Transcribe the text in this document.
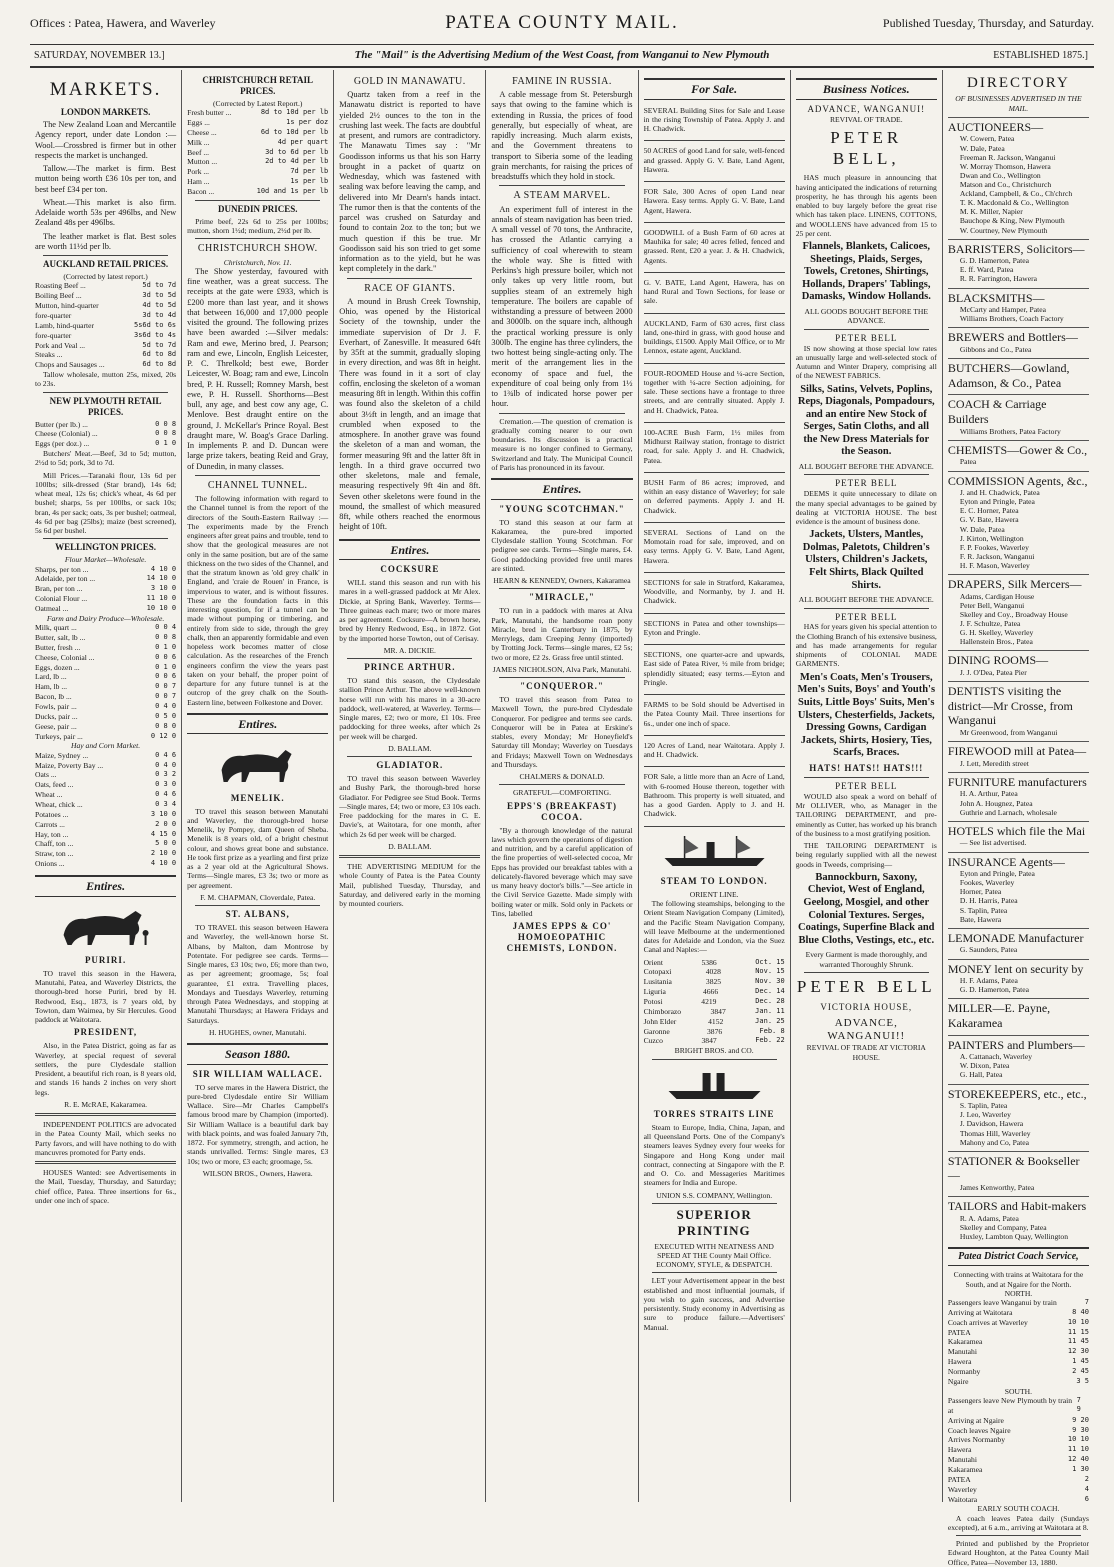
Offices : Patea, Hawera, and Waverley	PATEA COUNTY MAIL.	Published Tuesday, Thursday, and Saturday.
SATURDAY, NOVEMBER 13.]	The "Mail" is the Advertising Medium of the West Coast, from Wanganui to New Plymouth	ESTABLISHED 1875.]
MARKETS.
LONDON MARKETS.

The New Zealand Loan and Mercantile Agency report, under date London :— Wool.—Crossbred is firmer but in other respects the market is unchanged.

Tallow.—The market is firm. Best mutton being worth £36 10s per ton, and best beef £34 per ton.

Wheat.—This market is also firm. Adelaide worth 53s per 496lbs, and New Zealand 48s per 496lbs.

The leather market is flat. Best soles are worth 11½d per lb.

AUCKLAND RETAIL PRICES.
(Corrected by latest report.)
Roasting Beef ...	5d to 7d
Boiling Beef ...	3d to 5d
Mutton, hind-quarter	4d to 5d
fore-quarter	3d to 4d
Lamb, hind-quarter	5s6d to 6s
fore-quarter	3s6d to 4s
Pork and Veal ...	5d to 7d
Steaks ...	6d to 8d
Chops and Sausages ...	6d to 8d

Tallow wholesale, mutton 25s, mixed, 20s to 23s.

NEW PLYMOUTH RETAIL PRICES.
Butter (per lb.) ...	0 0 8
Cheese (Colonial) ...	0 0 8
Eggs (per doz.) ...	0 1 0

Butchers' Meat.—Beef, 3d to 5d; mutton, 2½d to 5d; pork, 3d to 7d.

Mill Prices.—Taranaki flour, 13s 6d per 100lbs; silk-dressed (Star brand), 14s 6d; wheat meal, 12s 6s; chick's wheat, 4s 6d per bushel; sharps, 5s per 100lbs, or sack 10s; bran, 4s per sack; oats, 3s per bushel; oatmeal, 4s 6d per bag (25lbs); maize (best screened), 5s 6d per bushel.

WELLINGTON PRICES.
Flour Market—Wholesale.
Sharps, per ton ...	4 10 0
Adelaide, per ton ...	14 10 0
Bran, per ton ...	3 10 0
Colonial Flour ...	11 10 0
Oatmeal ...	10 10 0
Farm and Dairy Produce—Wholesale.
Milk, quart ...	0 0 4
Butter, salt, lb ...	0 0 8
Butter, fresh ...	0 1 0
Cheese, Colonial ...	0 0 6
Eggs, dozen ...	0 1 0
Lard, lb ...	0 0 6
Ham, lb ...	0 0 7
Bacon, lb ...	0 0 7
Fowls, pair ...	0 4 0
Ducks, pair ...	0 5 0
Geese, pair ...	0 8 0
Turkeys, pair ...	0 12 0
Hay and Corn Market.
Maize, Sydney ...	0 4 6
Maize, Poverty Bay ...	0 4 0
Oats ...	0 3 2
Oats, feed ...	0 3 0
Wheat ...	0 4 6
Wheat, chick ...	0 3 4
Potatoes ...	3 10 0
Carrots ...	2 0 0
Hay, ton ...	4 15 0
Chaff, ton ...	5 0 0
Straw, ton ...	2 10 0
Onions ...	4 10 0
Entires.
PURIRI.

TO travel this season in the Hawera, Manutahi, Patea, and Waverley Districts, the thorough-bred horse Puriri, bred by H. Redwood, Esq., 1873, is 7 years old, by Towton, dam Waimea, by Sir Hercules. Good paddock at Waitotara.

PRESIDENT,

Also, in the Patea District, going as far as Waverley, at special request of several settlers, the pure Clydesdale stallion President, a beautiful rich roan, is 8 years old, and stands 16 hands 2 inches on very short legs.

R. E. McRAE, Kakaramea.

INDEPENDENT POLITICS are advocated in the Patea County Mail, which seeks no Party favors, and will have nothing to do with mancuvres promoted for Party ends.

HOUSES Wanted: see Advertisements in the Mail, Tuesday, Thursday, and Saturday; chief office, Patea. Three insertions for 6s., under one inch of space.

CHRISTCHURCH RETAIL PRICES.
(Corrected by Latest Report.)
Fresh butter ...	8d to 10d per lb
Eggs ...	1s per doz
Cheese ...	6d to 10d per lb
Milk ...	4d per quart
Beef ...	3d to 6d per lb
Mutton ...	2d to 4d per lb
Pork ...	7d per lb
Ham ...	1s per lb
Bacon ...	10d and 1s per lb
DUNEDIN PRICES.

Prime beef, 22s 6d to 25s per 100lbs; mutton, shorn 1½d; medium, 2½d per lb.

CHRISTCHURCH SHOW.
Christchurch, Nov. 11.

The Show yesterday, favoured with fine weather, was a great success. The receipts at the gate were £933, which is £200 more than last year, and it shows that between 16,000 and 17,000 people visited the ground. The following prizes have been awarded :—Silver medals: Ram and ewe, Merino bred, J. Pearson; ram and ewe, Lincoln, English Leicester, P. C. Threlkold; best ewe, Border Leicester, W. Boag; ram and ewe, Lincoln bred, P. H. Russell; Romney Marsh, best ewe, P. H. Russell. Shorthorns—Best bull, any age, and best cow any age, C. Menlove. Best draught entire on the ground, J. McKellar's Prince Royal. Best draught mare, W. Boag's Grace Darling. In implements P. and D. Duncan were large prize takers, beating Reid and Gray, of Dunedin, in many classes.

CHANNEL TUNNEL.

The following information with regard to the Channel tunnel is from the report of the directors of the South-Eastern Railway :—The experiments made by the French engineers after great pains and trouble, tend to show that the geological measures are not only in the same position, but are of the same thickness on the two sides of the Channel, and that the stratum known as 'old grey chalk' in England, and 'craie de Rouen' in France, is impervious to water, and is without fissures. These are the foundation facts in this interesting question, for if a tunnel can be made without pumping or timbering, and entirely from side to side, through the grey chalk, then an apparently formidable and even hopeless work becomes matter of close calculation. As the researches of the French engineers confirm the view the years past taken on your behalf, the proper point of departure for any future tunnel is at the outcrop of the grey chalk on the South-Eastern line, between Folkestone and Dover.

Entires.
MENELIK.

TO travel this season between Manutahi and Waverley, the thorough-bred horse Menelik, by Pompey, dam Queen of Sheba. Menelik is 8 years old, of a bright chestnut colour, and shows great bone and substance. He took first prize as a yearling and first prize as a 2 year old at the Agricultural Shows. Terms—Single mares, £3 3s; two or more as per agreement.

F. M. CHAPMAN, Cloverdale, Patea.
ST. ALBANS,

TO TRAVEL this season between Hawera and Waverley, the well-known horse St. Albans, by Malton, dam Montrose by Potentate. For pedigree see cards. Terms—Single mares, £3 10s; two, £6; more than two, as per agreement; groomage, 5s; foal guarantee, £1 extra. Travelling places, Mondays and Tuesdays Waverley, returning through Patea Wednesdays, and stopping at Manutahi Thursdays; at Hawera Fridays and Saturdays.

H. HUGHES, owner, Manutahi.
Season 1880.
SIR WILLIAM WALLACE.

TO serve mares in the Hawera District, the pure-bred Clydesdale entire Sir William Wallace. Sire—Mr Charles Campbell's famous brood mare by Champion (imported). Sir William Wallace is a beautiful dark bay with black points, and was foaled January 7th, 1872. For symmetry, strength, and action, he stands unrivalled. Terms: Single mares, £3 10s; two or more, £3 each; groomage, 5s.

WILSON BROS., Owners, Hawera.
GOLD IN MANAWATU.

Quartz taken from a reef in the Manawatu district is reported to have yielded 2½ ounces to the ton in the crushing last week. The facts are doubtful at present, and rumors are contradictory. The Manawatu Times say : "Mr Goodisson informs us that his son Harry brought in a packet of quartz on Wednesday, which was fastened with sealing wax before leaving the camp, and delivered into Mr Dearn's hands intact. The rumor then is that the contents of the parcel was crushed on Saturday and found to contain 2oz to the ton; but we much question if this be true. Mr Goodisson said his son tried to get some information as to the yield, but he was kept completely in the dark."

RACE OF GIANTS.

A mound in Brush Creek Township, Ohio, was opened by the Historical Society of the township, under the immediate supervision of Dr J. F. Everhart, of Zanesville. It measured 64ft by 35ft at the summit, gradually sloping in every direction, and was 8ft in height. There was found in it a sort of clay coffin, enclosing the skeleton of a woman measuring 8ft in length. Within this coffin was found also the skeleton of a child about 3½ft in length, and an image that crumbled when exposed to the atmosphere. In another grave was found the skeleton of a man and woman, the former measuring 9ft and the latter 8ft in length. In a third grave occurred two other skeletons, male and female, measuring respectively 9ft 4in and 8ft. Seven other skeletons were found in the mound, the smallest of which measured 8ft, while others reached the enormous height of 10ft.

Entires.
COCKSURE

WILL stand this season and run with his mares in a well-grassed paddock at Mr Alex. Dickie, at Spring Bank, Waverley. Terms—Three guineas each mare; two or more mares as per agreement. Cocksure—A brown horse, bred by Henry Redwood, Esq., in 1872. Got by the imported horse Towton, out of Cerisay.

MR. A. DICKIE.
PRINCE ARTHUR.

TO stand this season, the Clydesdale stallion Prince Arthur. The above well-known horse will run with his mares in a 30-acre paddock, well-watered, at Waverley. Terms—Single mares, £2; two or more, £1 10s. Free paddocking for three weeks, after which 2s per week will be charged.

D. BALLAM.
GLADIATOR.

TO travel this season between Waverley and Bushy Park, the thorough-bred horse Gladiator. For Pedigree see Stud Book. Terms—Single mares, £4; two or more, £3 10s each. Free paddocking for the mares in C. E. Davie's, at Waitotara, for one month, after which 2s 6d per week will be charged.

D. BALLAM.

THE ADVERTISING MEDIUM for the whole County of Patea is the Patea County Mail, published Tuesday, Thursday, and Saturday, and delivered early in the morning by mounted couriers.

FAMINE IN RUSSIA.

A cable message from St. Petersburgh says that owing to the famine which is extending in Russia, the prices of food generally, but especially of wheat, are rapidly increasing. Much alarm exists, and the Government threatens to transport to Siberia some of the leading grain merchants, for raising the prices of breadstuffs which they hold in stock.

A STEAM MARVEL.

An experiment full of interest in the annals of steam navigation has been tried. A small vessel of 70 tons, the Anthracite, has crossed the Atlantic carrying a sufficiency of coal wherewith to steam the whole way. She is fitted with Perkins's high pressure boiler, which not only takes up very little room, but supplies steam of an extremely high temperature. The boilers are capable of withstanding a pressure of between 2000 and 3000lb. on the square inch, although the practical working pressure is only 300lb. The engine has three cylinders, the two hottest being single-acting only. The merit of the arrangement lies in the economy of space and fuel, the expenditure of coal being only from 1½ to 1¾lb of indicated horse power per hour.

Cremation.—The question of cremation is gradually coming nearer to our own boundaries. Its discussion is a practical measure is no longer confined to Germany, Switzerland and Italy. The Municipal Council of Paris has pronounced in its favour.

Entires.
"YOUNG SCOTCHMAN."

TO stand this season at our farm at Kakaramea, the pure-bred imported Clydesdale stallion Young Scotchman. For pedigree see cards. Terms—Single mares, £4. Good paddocking provided free until mares are stinted.

HEARN & KENNEDY, Owners, Kakaramea
"MIRACLE,"

TO run in a paddock with mares at Alva Park, Manutahi, the handsome roan pony Miracle, bred in Canterbury in 1875, by Merrylegs, dam Creeping Jenny (imported) by Trotting Jock. Terms—single mares, £2 5s; two or more, £2 2s. Grass free until stinted.

JAMES NICHOLSON, Alva Park, Manutahi.
"CONQUEROR."

TO travel this season from Patea to Maxwell Town, the pure-bred Clydesdale Conqueror. For pedigree and terms see cards. Conqueror will be in Patea at Erskine's stables, every Monday; Mr Honeyfield's Saturday till Monday; Waverley on Tuesdays and Fridays; Maxwell Town on Wednesdays and Thursdays.

CHALMERS & DONALD.
GRATEFUL—COMFORTING.
EPPS'S (BREAKFAST) COCOA.

"By a thorough knowledge of the natural laws which govern the operations of digestion and nutrition, and by a careful application of the fine properties of well-selected cocoa, Mr Epps has provided our breakfast tables with a delicately-flavored beverage which may save us many heavy doctor's bills."—See article in the Civil Service Gazette. Made simply with boiling water or milk. Sold only in Packets or Tins, labelled

JAMES EPPS & CO' HOMOEOPATHIC CHEMISTS, LONDON.
For Sale.

SEVERAL Building Sites for Sale and Lease in the rising Township of Patea. Apply J. and H. Chadwick.

50 ACRES of good Land for sale, well-fenced and grassed. Apply G. V. Bate, Land Agent, Hawera.

FOR Sale, 300 Acres of open Land near Hawera. Easy terms. Apply G. V. Bate, Land Agent, Hawera.

GOODWILL of a Bush Farm of 60 acres at Mauhika for sale; 40 acres felled, fenced and grassed. Rent, £20 a year. J. & H. Chadwick, Agents.

G. V. BATE, Land Agent, Hawera, has on hand Rural and Town Sections, for lease or sale.

AUCKLAND, Farm of 630 acres, first class land, one-third in grass, with good house and buildings, £1500. Apply Mail Office, or to Mr Lennox, estate agent, Auckland.

FOUR-ROOMED House and ¼-acre Section, together with ¼-acre Section adjoining, for sale. These sections have a frontage to three streets, and are centrally situated. Apply J. and H. Chadwick, Patea.

100-ACRE Bush Farm, 1½ miles from Midhurst Railway station, frontage to district road, for sale. Apply J. and H. Chadwick, Patea.

BUSH Farm of 86 acres; improved, and within an easy distance of Waverley; for sale on deferred payments. Apply J. and H. Chadwick.

SEVERAL Sections of Land on the Momotain road for sale, improved, and on easy terms. Apply G. V. Bate, Land Agent, Hawera.

SECTIONS for sale in Stratford, Kakaramea, Woodville, and Normanby, by J. and H. Chadwick.

SECTIONS in Patea and other townships—Eyton and Pringle.

SECTIONS, one quarter-acre and upwards, East side of Patea River, ½ mile from bridge; splendidly situated; easy terms.—Eyton and Pringle.

FARMS to be Sold should be Advertised in the Patea County Mail. Three insertions for 6s., under one inch of space.

120 Acres of Land, near Waitotara. Apply J. and H. Chadwick.

FOR Sale, a little more than an Acre of Land, with 6-roomed House thereon, together with Bathroom. This property is well situated, and has a good Garden. Apply to J. and H. Chadwick.

STEAM TO LONDON.
ORIENT LINE.

The following steamships, belonging to the Orient Steam Navigation Company (Limited), and the Pacific Steam Navigation Company, will leave Melbourne at the undermentioned dates for Adelaide and London, via the Suez Canal and Naples:—

Orient	5386	Oct. 15
Cotopaxi	4028	Nov. 15
Lusitania	3825	Nov. 30
Liguria	4666	Dec. 14
Potosi	4219	Dec. 28
Chimborazo	3847	Jan. 11
John Elder	4152	Jan. 25
Garonne	3876	Feb. 8
Cuzco	3847	Feb. 22
BRIGHT BROS. and CO.
TORRES STRAITS LINE

Steam to Europe, India, China, Japan, and all Queensland Ports. One of the Company's steamers leaves Sydney every four weeks for Singapore and Hong Kong under mail contract, connecting at Singapore with the P. and O. Co. and Messageries Maritimes steamers for India and Europe.

UNION S.S. COMPANY, Wellington.
SUPERIOR PRINTING
EXECUTED WITH NEATNESS AND SPEED AT THE County Mail Office. ECONOMY, STYLE, & DESPATCH.

LET your Advertisement appear in the best established and most influential journals, if you wish to gain success, and Advertise persistently. Study economy in Advertising as sure to produce failure.—Advertisers' Manual.

Business Notices.
ADVANCE, WANGANUI!
REVIVAL OF TRADE.
PETER BELL,

HAS much pleasure in announcing that having anticipated the indications of returning prosperity, he has through his agents been enabled to buy largely before the great rise which has taken place. LINENS, COTTONS, and WOOLLENS have advanced from 15 to 25 per cent.

Flannels, Blankets, Calicoes, Sheetings, Plaids, Serges, Towels, Cretones, Shirtings, Hollands, Drapers' Tablings, Damasks, Window Hollands.
ALL GOODS BOUGHT BEFORE THE ADVANCE.
PETER BELL

IS now showing at those special low rates an unusually large and well-selected stock of Autumn and Winter Drapery, comprising all of the NEWEST FABRICS.

Silks, Satins, Velvets, Poplins, Reps, Diagonals, Pompadours, and an entire New Stock of Serges, Satin Cloths, and all the New Dress Materials for the Season.
ALL BOUGHT BEFORE THE ADVANCE.
PETER BELL

DEEMS it quite unnecessary to dilate on the many special advantages to be gained by dealing at VICTORIA HOUSE. The best evidence is the amount of business done.

Jackets, Ulsters, Mantles, Dolmas, Paletots, Children's Ulsters, Children's Jackets, Felt Shirts, Black Quilted Shirts.
ALL BOUGHT BEFORE THE ADVANCE.
PETER BELL

HAS for years given his special attention to the Clothing Branch of his extensive business, and has made arrangements for regular shipments of COLONIAL MADE GARMENTS.

Men's Coats, Men's Trousers, Men's Suits, Boys' and Youth's Suits, Little Boys' Suits, Men's Ulsters, Chesterfields, Jackets, Dressing Gowns, Cardigan Jackets, Shirts, Hosiery, Ties, Scarfs, Braces.
HATS! HATS!! HATS!!!
PETER BELL

WOULD also speak a word on behalf of Mr OLLIVER, who, as Manager in the TAILORING DEPARTMENT, and pre-eminently as Cutter, has worked up his branch of the business to a most gratifying position.

THE TAILORING DEPARTMENT is being regularly supplied with all the newest goods in Tweeds, comprising—

Bannockburn, Saxony, Cheviot, West of England, Geelong, Mosgiel, and other Colonial Textures. Serges, Coatings, Superfine Black and Blue Cloths, Vestings, etc., etc.
Every Garment is made thoroughly, and warranted Thoroughly Shrunk.
PETER BELL
VICTORIA HOUSE,
ADVANCE, WANGANUI!!
REVIVAL OF TRADE AT VICTORIA HOUSE.
DIRECTORY
OF BUSINESSES ADVERTISED IN THE MAIL.
AUCTIONEERS—
W. Cowern, Patea
W. Dale, Patea
Freeman R. Jackson, Wanganui
W. Morray Thomson, Hawera
Dwan and Co., Wellington
Matson and Co., Christchurch
Ackland, Campbell, & Co., Ch'chrch
T. K. Macdonald & Co., Wellington
M. K. Miller, Napier
Bauchope & King, New Plymouth
W. Courtney, New Plymouth
BARRISTERS, Solicitors—
G. D. Hamerton, Patea
E. ff. Ward, Patea
R. R. Farrington, Hawera
BLACKSMITHS—
McCarty and Hamper, Patea
Williams Brothers, Coach Factory
BREWERS and Bottlers—
Gibbons and Co., Patea
BUTCHERS—Gowland, Adamson, & Co., Patea
COACH & Carriage Builders
Williams Brothers, Patea Factory
CHEMISTS—Gower & Co.,
Patea
COMMISSION Agents, &c.,
J. and H. Chadwick, Patea
Eyton and Pringle, Patea
E. C. Horner, Patea
G. V. Bate, Hawera
W. Dale, Patea
J. Kirton, Wellington
F. P. Fookes, Waverley
F. R. Jackson, Wanganui
H. F. Mason, Waverley
DRAPERS, Silk Mercers—
Adams, Cardigan House
Peter Bell, Wanganui
Skelley and Coy., Broadway House
J. F. Schultze, Patea
G. H. Skelley, Waverley
Hallenstein Bros., Patea
DINING ROOMS—
J. J. O'Dea, Patea Pier
DENTISTS visiting the district—Mr Crosse, from Wanganui
Mr Greenwood, from Wanganui
FIREWOOD mill at Patea—
J. Lett, Meredith street
FURNITURE manufacturers
H. A. Arthur, Patea
John A. Hougnez, Patea
Guthrie and Larnach, wholesale
HOTELS which file the Mai
— See list advertised.
INSURANCE Agents—
Eyton and Pringle, Patea
Fookes, Waverley
Horner, Patea
D. H. Harris, Patea
S. Taplin, Patea
Bate, Hawera
LEMONADE Manufacturer
G. Saunders, Patea
MONEY lent on security by
H. F. Adams, Patea
G. D. Hamerton, Patea
MILLER—E. Payne, Kakaramea
PAINTERS and Plumbers—
A. Cattanach, Waverley
W. Dixon, Patea
G. Hall, Patea
STOREKEEPERS, etc., etc.,
S. Taplin, Patea
J. Leo, Waverley
J. Davidson, Hawera
Thomas Hill, Waverley
Mahony and Co, Patea
STATIONER & Bookseller—
James Kenworthy, Patea
TAILORS and Habit-makers
R. A. Adams, Patea
Skelley and Company, Patea
Huxley, Lambton Quay, Wellington
Patea District Coach Service,
Connecting with trains at Waitotara for the South, and at Ngaire for the North.
NORTH.
Passengers leave Wanganui by train	7
Arriving at Waitotara	8 40
Coach arrives at Waverley	10 10
PATEA	11 15
Kakaramea	11 45
Manutahi	12 30
Hawera	1 45
Normanby	2 45
Ngaire	3 5
SOUTH.
Passengers leave New Plymouth by train at
7 9
Arriving at Ngaire	9 20
Coach leaves Ngaire	9 30
Arrives Normanby	10 10
Hawera	11 10
Manutahi	12 40
Kakaramea	1 30
PATEA	2
Waverley	4
Waitotara	6
EARLY SOUTH COACH.

A coach leaves Patea daily (Sundays excepted), at 6 a.m., arriving at Waitotara at 8.

Printed and published by the Proprietor Edward Houghton, at the Patea County Mail Office, Patea—November 13, 1880.
